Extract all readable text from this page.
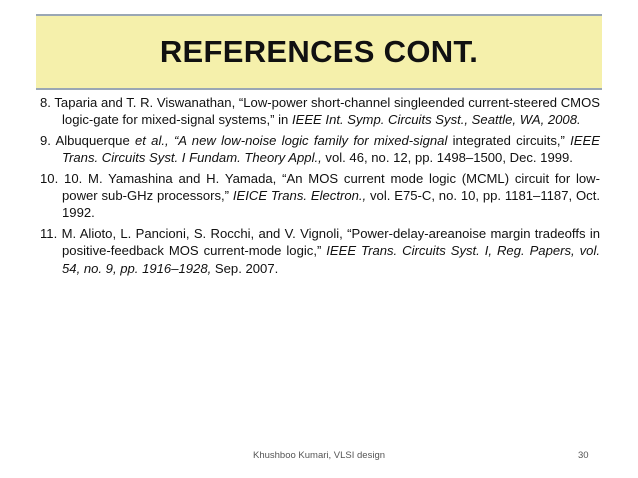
REFERENCES CONT.

8. Taparia and T. R. Viswanathan, “Low-power short-channel singleended current-steered CMOS logic-gate for mixed-signal systems,” in IEEE Int. Symp. Circuits Syst., Seattle, WA, 2008.

9. Albuquerque et al., “A new low-noise logic family for mixed-signal integrated circuits,” IEEE Trans. Circuits Syst. I Fundam. Theory Appl., vol. 46, no. 12, pp. 1498–1500, Dec. 1999.

10. 10. M. Yamashina and H. Yamada, “An MOS current mode logic (MCML) circuit for low-power sub-GHz processors,” IEICE Trans. Electron., vol. E75-C, no. 10, pp. 1181–1187, Oct. 1992.

11. M. Alioto, L. Pancioni, S. Rocchi, and V. Vignoli, “Power-delay-areanoise margin tradeoffs in positive-feedback MOS current-mode logic,” IEEE Trans. Circuits Syst. I, Reg. Papers, vol. 54, no. 9, pp. 1916–1928, Sep. 2007.

Khushboo Kumari, VLSI design	30
